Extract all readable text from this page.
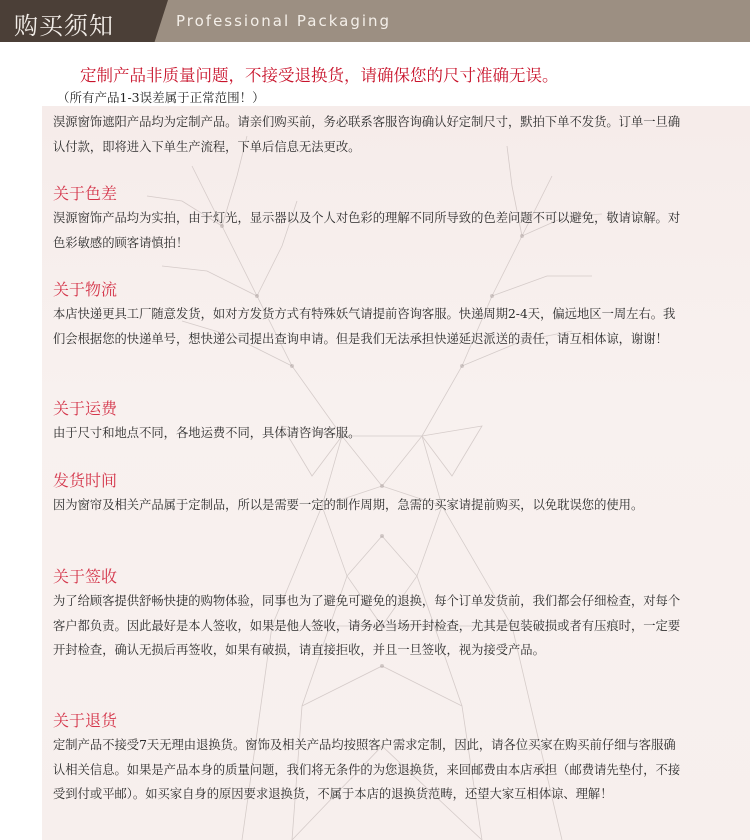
购买须知	Professional Packaging
定制产品非质量问题，不接受退换货，请确保您的尺寸准确无误。
（所有产品1-3误差属于正常范围！）
淏源窗饰遮阳产品均为定制产品。请亲们购买前，务必联系客服咨询确认好定制尺寸，默拍下单不发货。订单一旦确认付款，即将进入下单生产流程，下单后信息无法更改。
关于色差
淏源窗饰产品均为实拍，由于灯光，显示器以及个人对色彩的理解不同所导致的色差问题不可以避免，敬请谅解。对色彩敏感的顾客请慎拍！
关于物流
本店快递更具工厂随意发货，如对方发货方式有特殊妖气请提前咨询客服。快递周期2-4天，偏远地区一周左右。我们会根据您的快递单号，想快递公司提出查询申请。但是我们无法承担快递延迟派送的责任，请互相体谅，谢谢！
关于运费
由于尺寸和地点不同，各地运费不同，具体请咨询客服。
发货时间
因为窗帘及相关产品属于定制品，所以是需要一定的制作周期，急需的买家请提前购买，以免耽误您的使用。
关于签收
为了给顾客提供舒畅快捷的购物体验，同事也为了避免可避免的退换，每个订单发货前，我们都会仔细检查，对每个客户都负责。因此最好是本人签收，如果是他人签收，请务必当场开封检查，尤其是包装破损或者有压痕时，一定要开封检查，确认无损后再签收，如果有破损，请直接拒收，并且一旦签收，视为接受产品。
关于退货
定制产品不接受7天无理由退换货。窗饰及相关产品均按照客户需求定制，因此，请各位买家在购买前仔细与客服确认相关信息。如果是产品本身的质量问题，我们将无条件的为您退换货，来回邮费由本店承担（邮费请先垫付，不接受到付或平邮）。如买家自身的原因要求退换货，不属于本店的退换货范畴，还望大家互相体谅、理解！
